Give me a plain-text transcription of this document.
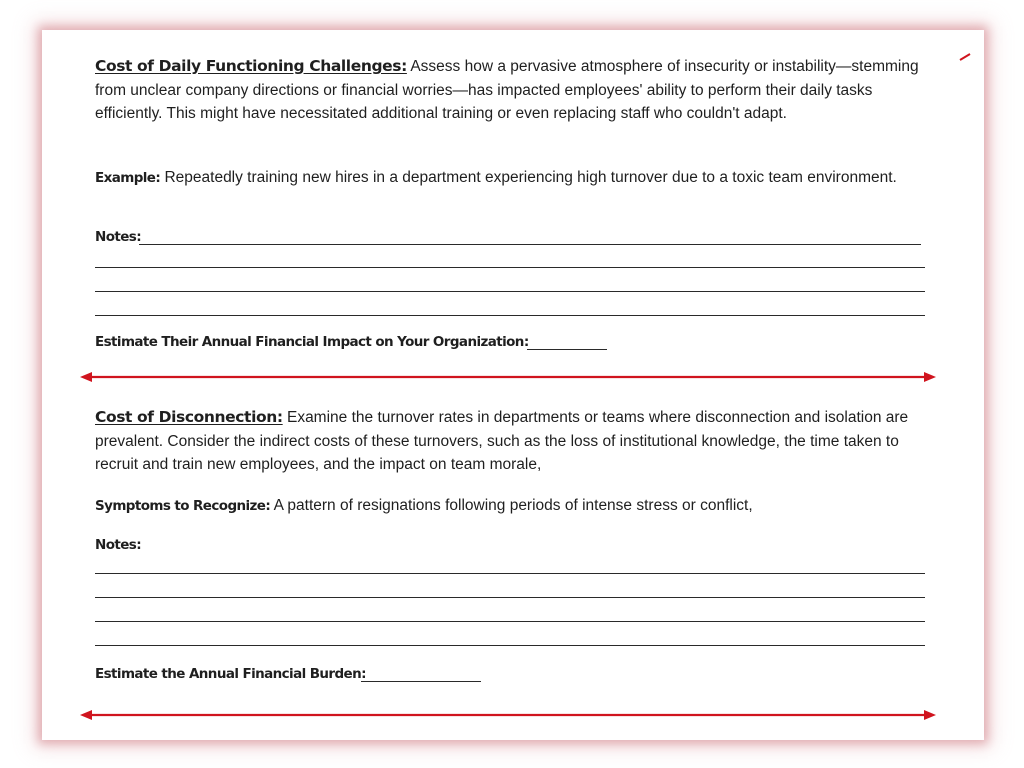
Cost of Daily Functioning Challenges: Assess how a pervasive atmosphere of insecurity or instability—stemming from unclear company directions or financial worries—has impacted employees' ability to perform their daily tasks efficiently. This might have necessitated additional training or even replacing staff who couldn't adapt.

Example: Repeatedly training new hires in a department experiencing high turnover due to a toxic team environment.

Notes:
Estimate Their Annual Financial Impact on Your Organization:

Cost of Disconnection: Examine the turnover rates in departments or teams where disconnection and isolation are prevalent. Consider the indirect costs of these turnovers, such as the loss of institutional knowledge, the time taken to recruit and train new employees, and the impact on team morale,

Symptoms to Recognize: A pattern of resignations following periods of intense stress or conflict,

Notes:
Estimate the Annual Financial Burden:
